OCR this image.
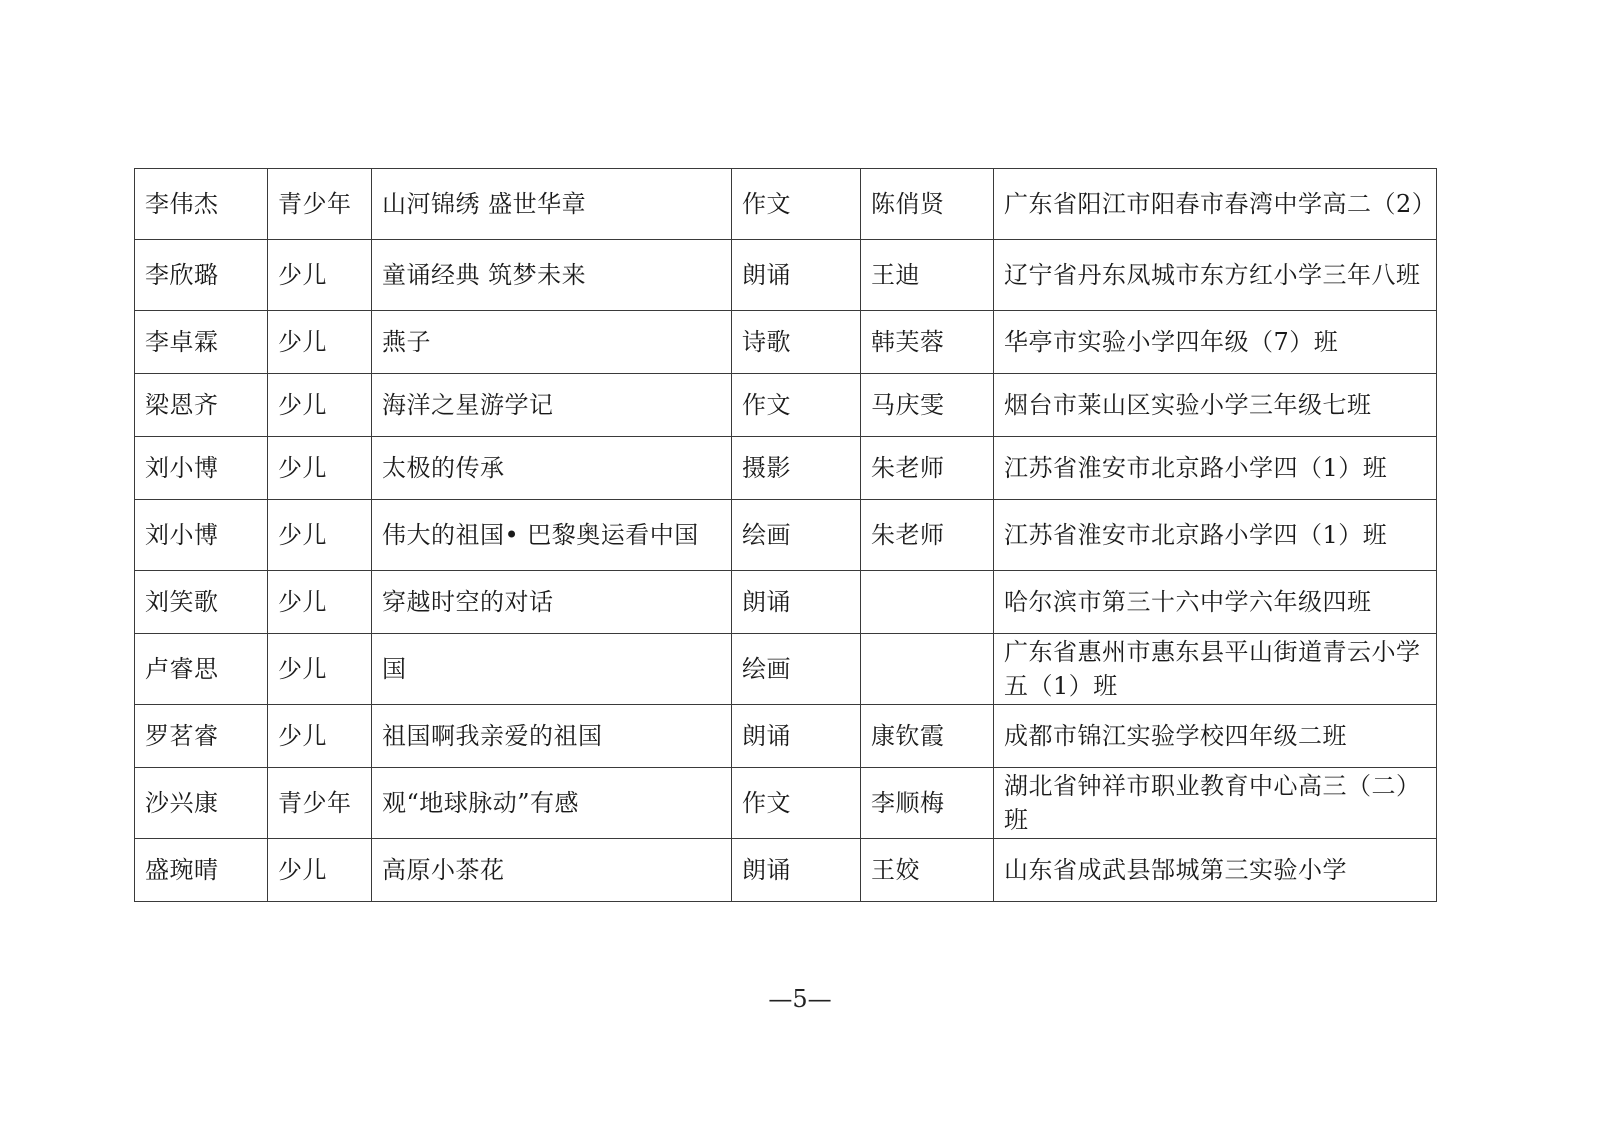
李伟杰	青少年	山河锦绣 盛世华章	作文	陈俏贤	广东省阳江市阳春市春湾中学高二（2）
李欣璐	少儿	童诵经典 筑梦未来	朗诵	王迪	辽宁省丹东凤城市东方红小学三年八班
李卓霖	少儿	燕子	诗歌	韩芙蓉	华亭市实验小学四年级（7）班
梁恩齐	少儿	海洋之星游学记	作文	马庆雯	烟台市莱山区实验小学三年级七班
刘小博	少儿	太极的传承	摄影	朱老师	江苏省淮安市北京路小学四（1）班
刘小博	少儿	伟大的祖国• 巴黎奥运看中国	绘画	朱老师	江苏省淮安市北京路小学四（1）班
刘笑歌	少儿	穿越时空的对话	朗诵		哈尔滨市第三十六中学六年级四班
卢睿思	少儿	国	绘画		广东省惠州市惠东县平山街道青云小学五（1）班
罗茗睿	少儿	祖国啊我亲爱的祖国	朗诵	康钦霞	成都市锦江实验学校四年级二班
沙兴康	青少年	观“地球脉动”有感	作文	李顺梅	湖北省钟祥市职业教育中心高三（二）班
盛琬晴	少儿	高原小茶花	朗诵	王姣	山东省成武县郜城第三实验小学
—5—
